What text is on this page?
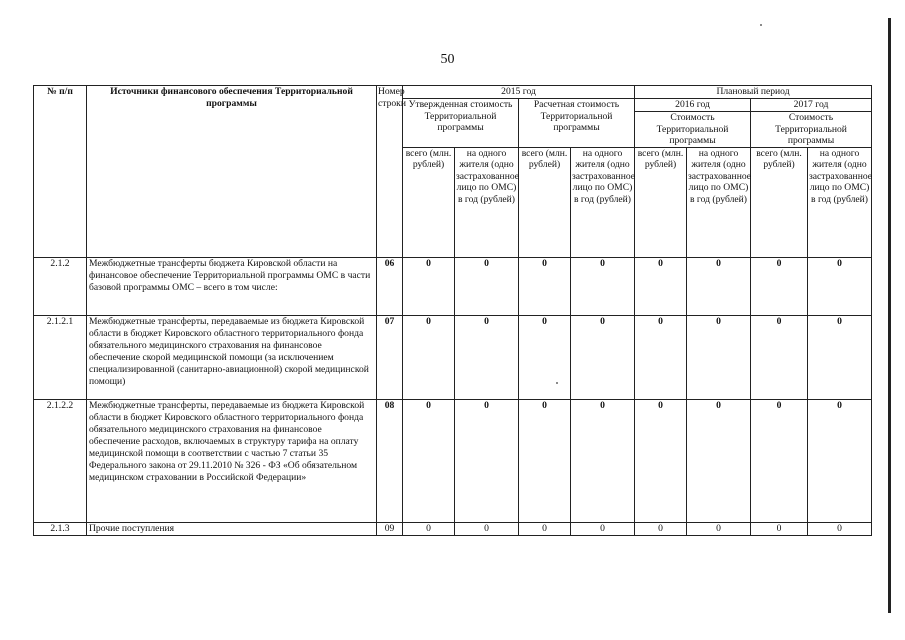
50
№ п/п	Источники финансового обеспечения Территориальной программы	Номер строки	2015 год				Плановый период			
			Утвержденная стоимость Территориальной программы		Расчетная стоимость Территориальной программы		2016 год		2017 год	
							Стоимость Территориальной программы		Стоимость Территориальной программы	
			всего (млн. рублей)	на одного жителя (одно застрахованное лицо по ОМС) в год (рублей)	всего (млн. рублей)	на одного жителя (одно застрахованное лицо по ОМС) в год (рублей)	всего (млн. рублей)	на одного жителя (одно застрахованное лицо по ОМС) в год (рублей)	всего (млн. рублей)	на одного жителя (одно застрахованное лицо по ОМС) в год (рублей)
2.1.2	Межбюджетные трансферты бюджета Кировской области на финансовое обеспечение Территориальной программы ОМС в части базовой программы ОМС – всего в том числе:	06	0	0	0	0	0	0	0	0
2.1.2.1	Межбюджетные трансферты, передаваемые из бюджета Кировской области в бюджет Кировского областного территориального фонда обязательного медицинского страхования на финансовое обеспечение скорой медицинской помощи (за исключением специализированной (санитарно-авиационной) скорой медицинской помощи)	07	0	0	0	0	0	0	0	0
2.1.2.2	Межбюджетные трансферты, передаваемые из бюджета Кировской области в бюджет Кировского областного территориального фонда обязательного медицинского страхования на финансовое обеспечение расходов, включаемых в структуру тарифа на оплату медицинской помощи в соответствии с частью 7 статьи 35 Федерального закона от 29.11.2010 № 326 - ФЗ «Об обязательном медицинском страховании в Российской Федерации»	08	0	0	0	0	0	0	0	0
2.1.3	Прочие поступления	09	0	0	0	0	0	0	0	0
